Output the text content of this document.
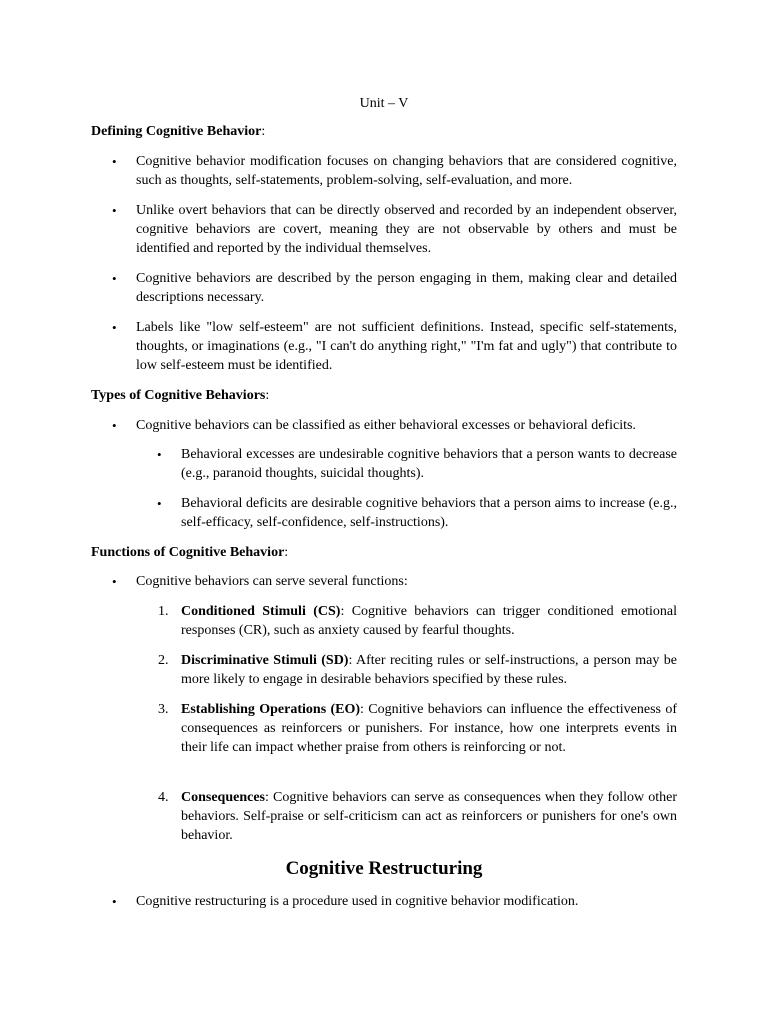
Unit – V
Defining Cognitive Behavior:
• Cognitive behavior modification focuses on changing behaviors that are considered cognitive, such as thoughts, self-statements, problem-solving, self-evaluation, and more.
• Unlike overt behaviors that can be directly observed and recorded by an independent observer, cognitive behaviors are covert, meaning they are not observable by others and must be identified and reported by the individual themselves.
• Cognitive behaviors are described by the person engaging in them, making clear and detailed descriptions necessary.
• Labels like "low self-esteem" are not sufficient definitions. Instead, specific self-statements, thoughts, or imaginations (e.g., "I can't do anything right," "I'm fat and ugly") that contribute to low self-esteem must be identified.
Types of Cognitive Behaviors:
• Cognitive behaviors can be classified as either behavioral excesses or behavioral deficits.
• Behavioral excesses are undesirable cognitive behaviors that a person wants to decrease (e.g., paranoid thoughts, suicidal thoughts).
• Behavioral deficits are desirable cognitive behaviors that a person aims to increase (e.g., self-efficacy, self-confidence, self-instructions).
Functions of Cognitive Behavior:
• Cognitive behaviors can serve several functions:
1. Conditioned Stimuli (CS): Cognitive behaviors can trigger conditioned emotional responses (CR), such as anxiety caused by fearful thoughts.
2. Discriminative Stimuli (SD): After reciting rules or self-instructions, a person may be more likely to engage in desirable behaviors specified by these rules.
3. Establishing Operations (EO): Cognitive behaviors can influence the effectiveness of consequences as reinforcers or punishers. For instance, how one interprets events in their life can impact whether praise from others is reinforcing or not.
4. Consequences: Cognitive behaviors can serve as consequences when they follow other behaviors. Self-praise or self-criticism can act as reinforcers or punishers for one's own behavior.
Cognitive Restructuring
• Cognitive restructuring is a procedure used in cognitive behavior modification.
